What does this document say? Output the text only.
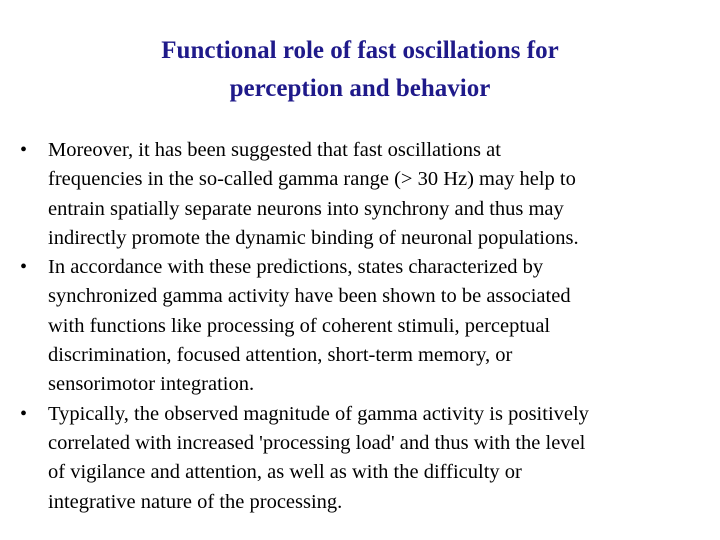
Functional role of fast oscillations for
perception and behavior
•	Moreover, it has been suggested that fast oscillations at
frequencies in the so-called gamma range (> 30 Hz) may help to
entrain spatially separate neurons into synchrony and thus may
indirectly promote the dynamic binding of neuronal populations.
•	In accordance with these predictions, states characterized by
synchronized gamma activity have been shown to be associated
with functions like processing of coherent stimuli, perceptual
discrimination, focused attention, short-term memory, or
sensorimotor integration.
•	Typically, the observed magnitude of gamma activity is positively
correlated with increased 'processing load' and thus with the level
of vigilance and attention, as well as with the difficulty or
integrative nature of the processing.
